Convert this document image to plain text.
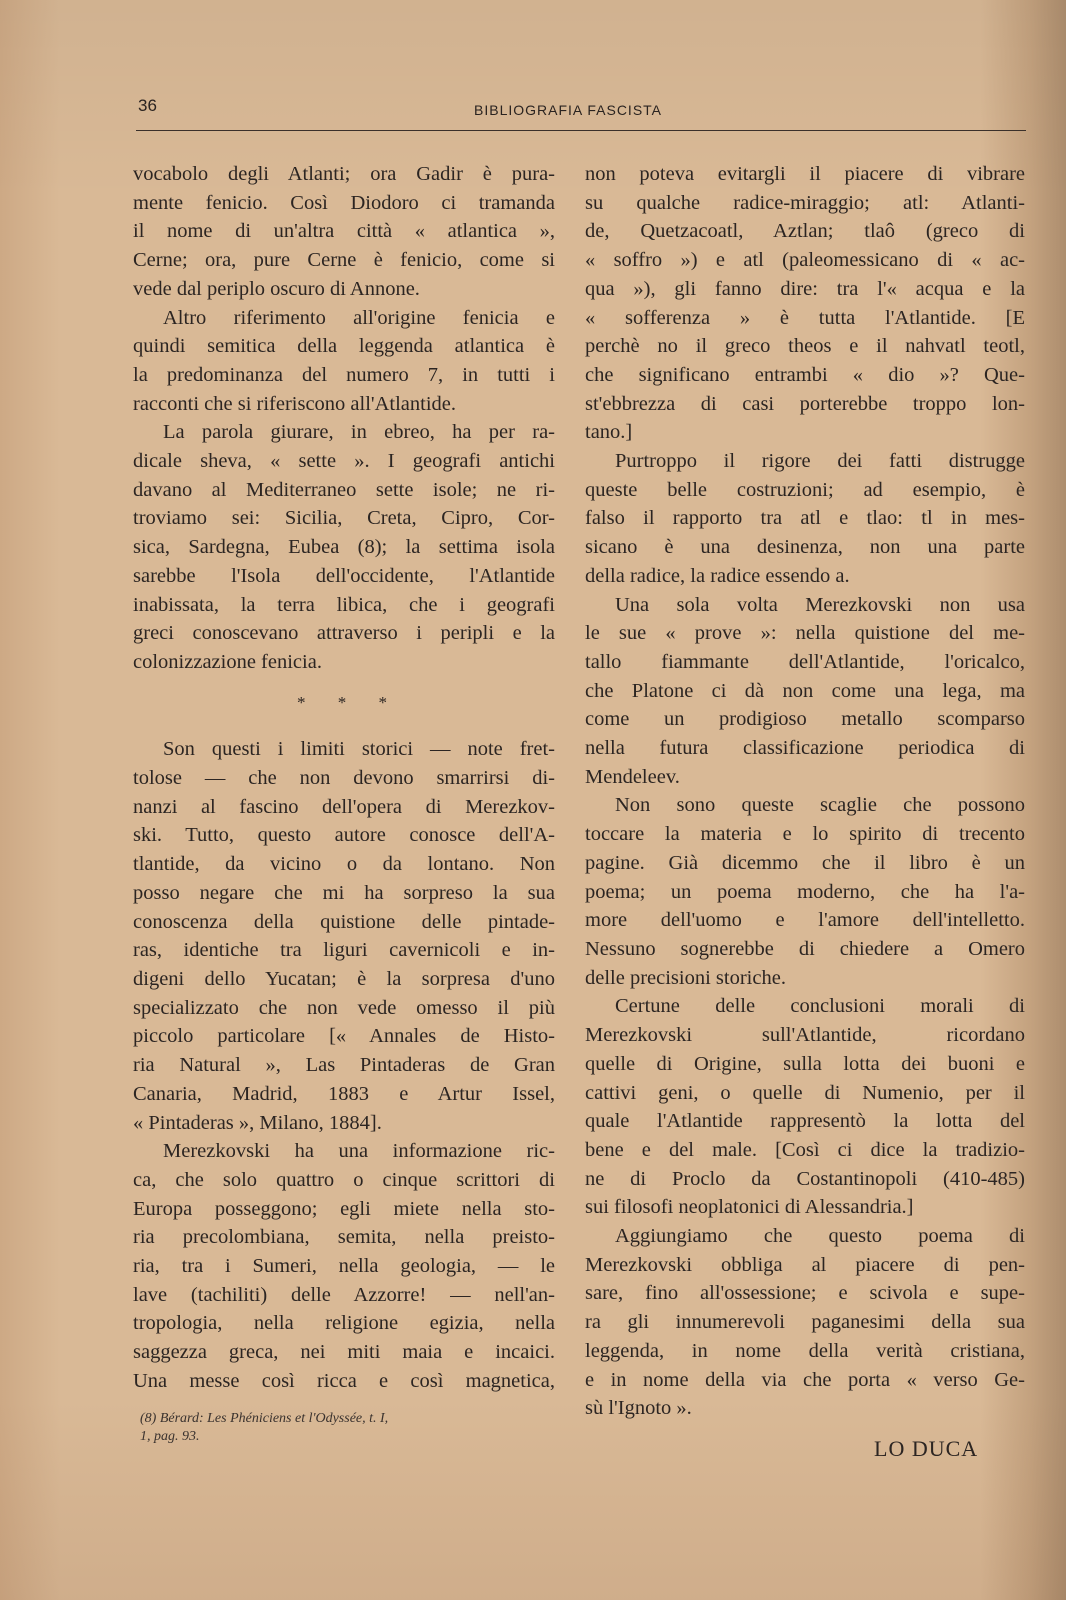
36	BIBLIOGRAFIA FASCISTA
vocabolo degli Atlanti; ora Gadir è pura-
mente fenicio. Così Diodoro ci tramanda
il nome di un'altra città « atlantica »,
Cerne; ora, pure Cerne è fenicio, come si
vede dal periplo oscuro di Annone.
Altro riferimento all'origine fenicia e
quindi semitica della leggenda atlantica è
la predominanza del numero 7, in tutti i
racconti che si riferiscono all'Atlantide.
La parola giurare, in ebreo, ha per ra-
dicale sheva, « sette ». I geografi antichi
davano al Mediterraneo sette isole; ne ri-
troviamo sei: Sicilia, Creta, Cipro, Cor-
sica, Sardegna, Eubea (8); la settima isola
sarebbe l'Isola dell'occidente, l'Atlantide
inabissata, la terra libica, che i geografi
greci conoscevano attraverso i peripli e la
colonizzazione fenicia.
* * *
Son questi i limiti storici — note fret-
tolose — che non devono smarrirsi di-
nanzi al fascino dell'opera di Merezkov-
ski. Tutto, questo autore conosce dell'A-
tlantide, da vicino o da lontano. Non
posso negare che mi ha sorpreso la sua
conoscenza della quistione delle pintade-
ras, identiche tra liguri cavernicoli e in-
digeni dello Yucatan; è la sorpresa d'uno
specializzato che non vede omesso il più
piccolo particolare [« Annales de Histo-
ria Natural », Las Pintaderas de Gran
Canaria, Madrid, 1883 e Artur Issel,
« Pintaderas », Milano, 1884].
Merezkovski ha una informazione ric-
ca, che solo quattro o cinque scrittori di
Europa posseggono; egli miete nella sto-
ria precolombiana, semita, nella preisto-
ria, tra i Sumeri, nella geologia, — le
lave (tachiliti) delle Azzorre! — nell'an-
tropologia, nella religione egizia, nella
saggezza greca, nei miti maia e incaici.
Una messe così ricca e così magnetica,
(8) Bérard: Les Phéniciens et l'Odyssée, t. I,
1, pag. 93.
non poteva evitargli il piacere di vibrare
su qualche radice-miraggio; atl: Atlanti-
de, Quetzacoatl, Aztlan; tlaô (greco di
« soffro ») e atl (paleomessicano di « ac-
qua »), gli fanno dire: tra l'« acqua e la
« sofferenza » è tutta l'Atlantide. [E
perchè no il greco theos e il nahvatl teotl,
che significano entrambi « dio »? Que-
st'ebbrezza di casi porterebbe troppo lon-
tano.]
Purtroppo il rigore dei fatti distrugge
queste belle costruzioni; ad esempio, è
falso il rapporto tra atl e tlao: tl in mes-
sicano è una desinenza, non una parte
della radice, la radice essendo a.
Una sola volta Merezkovski non usa
le sue « prove »: nella quistione del me-
tallo fiammante dell'Atlantide, l'oricalco,
che Platone ci dà non come una lega, ma
come un prodigioso metallo scomparso
nella futura classificazione periodica di
Mendeleev.
Non sono queste scaglie che possono
toccare la materia e lo spirito di trecento
pagine. Già dicemmo che il libro è un
poema; un poema moderno, che ha l'a-
more dell'uomo e l'amore dell'intelletto.
Nessuno sognerebbe di chiedere a Omero
delle precisioni storiche.
Certune delle conclusioni morali di
Merezkovski sull'Atlantide, ricordano
quelle di Origine, sulla lotta dei buoni e
cattivi geni, o quelle di Numenio, per il
quale l'Atlantide rappresentò la lotta del
bene e del male. [Così ci dice la tradizio-
ne di Proclo da Costantinopoli (410-485)
sui filosofi neoplatonici di Alessandria.]
Aggiungiamo che questo poema di
Merezkovski obbliga al piacere di pen-
sare, fino all'ossessione; e scivola e supe-
ra gli innumerevoli paganesimi della sua
leggenda, in nome della verità cristiana,
e in nome della via che porta « verso Ge-
sù l'Ignoto ».
LO DUCA
